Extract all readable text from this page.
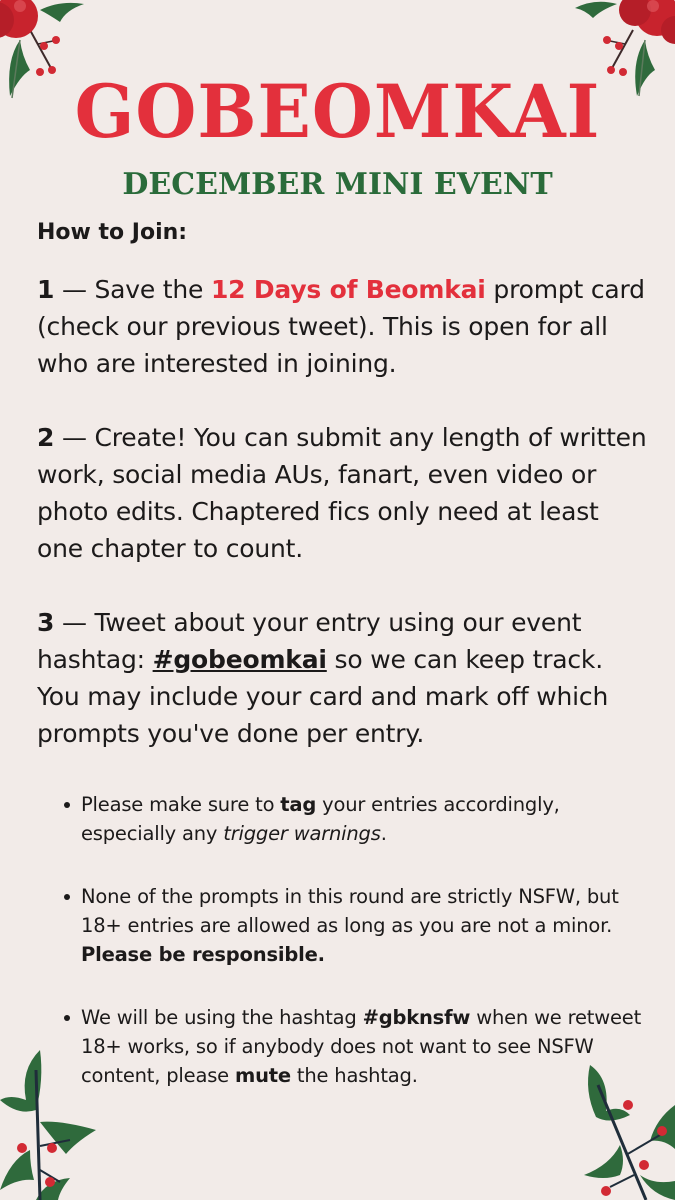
GOBEOMKAI
DECEMBER MINI EVENT

How to Join:

1 — Save the 12 Days of Beomkai prompt card (check our previous tweet). This is open for all who are interested in joining.

2 — Create! You can submit any length of written work, social media AUs, fanart, even video or photo edits. Chaptered fics only need at least one chapter to count.

3 — Tweet about your entry using our event hashtag: #gobeomkai so we can keep track. You may include your card and mark off which prompts you've done per entry.

Please make sure to tag your entries accordingly, especially any trigger warnings.
None of the prompts in this round are strictly NSFW, but 18+ entries are allowed as long as you are not a minor. Please be responsible.
We will be using the hashtag #gbknsfw when we retweet 18+ works, so if anybody does not want to see NSFW content, please mute the hashtag.
